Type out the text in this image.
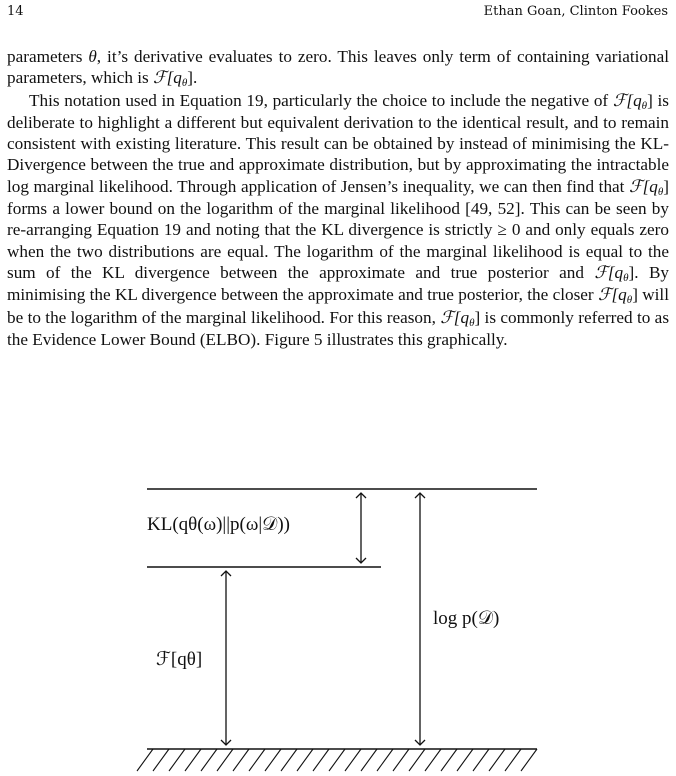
14	Ethan Goan, Clinton Fookes

parameters θ, it’s derivative evaluates to zero. This leaves only term of containing variational parameters, which is $ℱ[q_\theta]$.

This notation used in Equation 19, particularly the choice to include the negative of $ℱ[q_\theta]$ is deliberate to highlight a different but equivalent derivation to the identical result, and to remain consistent with existing literature. This result can be obtained by instead of minimising the KL-Divergence between the true and approximate distribution, but by approximating the intractable log marginal likelihood. Through application of Jensen’s inequality, we can then find that $ℱ[q_\theta]$ forms a lower bound on the logarithm of the marginal likelihood [49, 52]. This can be seen by re-arranging Equation 19 and noting that the KL divergence is strictly ≥ 0 and only equals zero when the two distributions are equal. The logarithm of the marginal likelihood is equal to the sum of the KL divergence between the approximate and true posterior and $ℱ[q_\theta]$. By minimising the KL divergence between the approximate and true posterior, the closer $ℱ[q_\theta]$ will be to the logarithm of the marginal likelihood. For this reason, $ℱ[q_\theta]$ is commonly referred to as the Evidence Lower Bound (ELBO). Figure 5 illustrates this graphically.

KL(qθ(ω)||p(ω|𝒟))
ℱ[qθ]
log p(𝒟)
